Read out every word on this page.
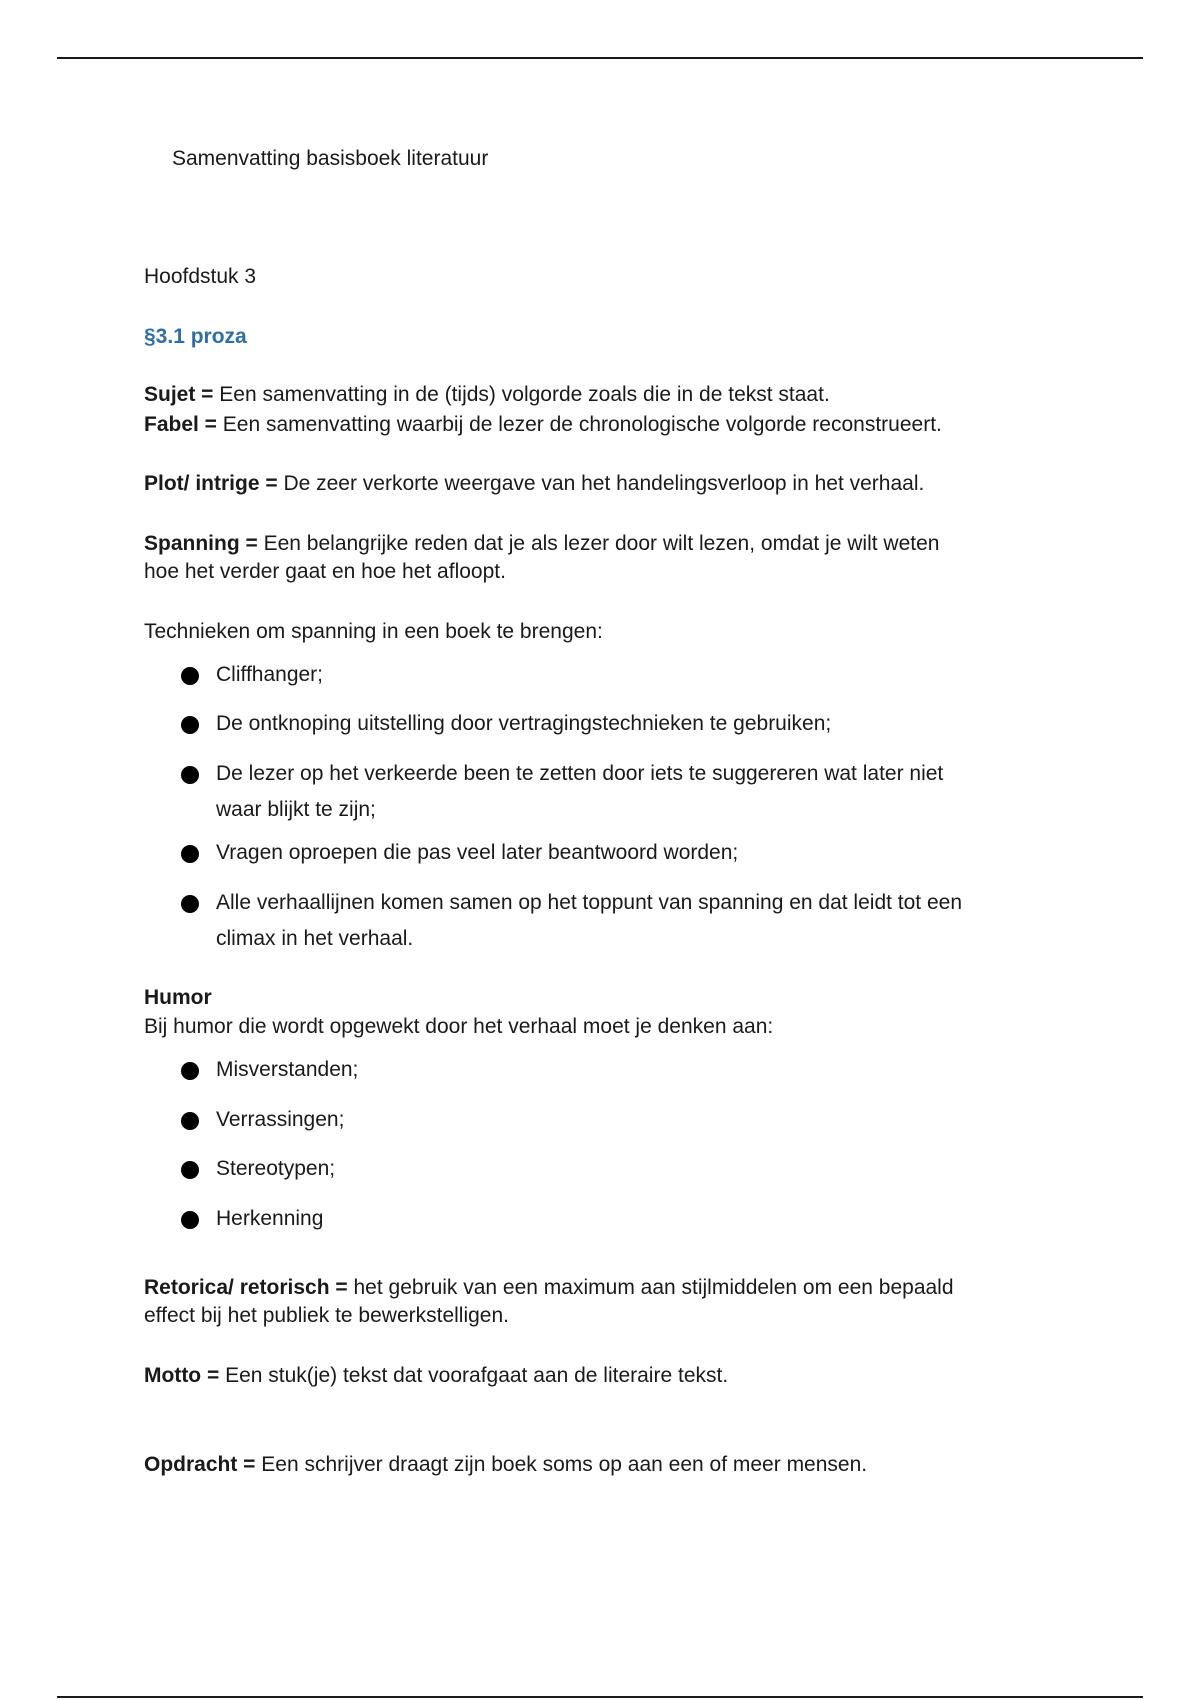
Samenvatting basisboek literatuur
Hoofdstuk 3
§3.1 proza
Sujet = Een samenvatting in de (tijds) volgorde zoals die in de tekst staat.
Fabel = Een samenvatting waarbij de lezer de chronologische volgorde reconstrueert.
Plot/ intrige = De zeer verkorte weergave van het handelingsverloop in het verhaal.
Spanning = Een belangrijke reden dat je als lezer door wilt lezen, omdat je wilt weten
hoe het verder gaat en hoe het afloopt.
Technieken om spanning in een boek te brengen:
Cliffhanger;
De ontknoping uitstelling door vertragingstechnieken te gebruiken;
De lezer op het verkeerde been te zetten door iets te suggereren wat later niet
waar blijkt te zijn;
Vragen oproepen die pas veel later beantwoord worden;
Alle verhaallijnen komen samen op het toppunt van spanning en dat leidt tot een
climax in het verhaal.
Humor
Bij humor die wordt opgewekt door het verhaal moet je denken aan:
Misverstanden;
Verrassingen;
Stereotypen;
Herkenning
Retorica/ retorisch = het gebruik van een maximum aan stijlmiddelen om een bepaald
effect bij het publiek te bewerkstelligen.
Motto = Een stuk(je) tekst dat voorafgaat aan de literaire tekst.
Opdracht = Een schrijver draagt zijn boek soms op aan een of meer mensen.
